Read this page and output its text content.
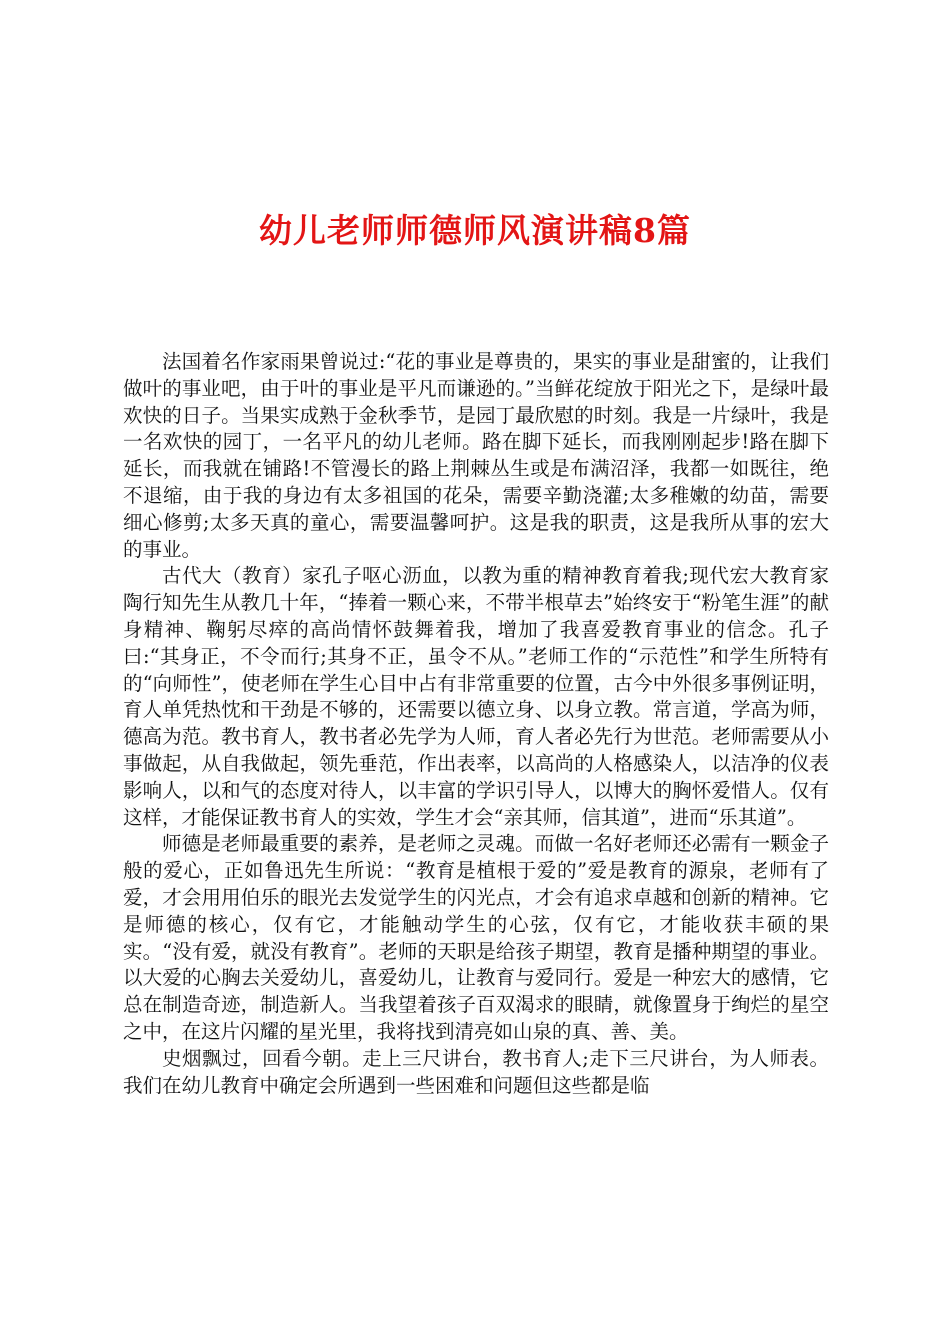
幼儿老师师德师风演讲稿8篇

法国着名作家雨果曾说过:“花的事业是尊贵的，果实的事业是甜蜜的，让我们做叶的事业吧，由于叶的事业是平凡而谦逊的。”当鲜花绽放于阳光之下，是绿叶最欢快的日子。当果实成熟于金秋季节，是园丁最欣慰的时刻。我是一片绿叶，我是一名欢快的园丁，一名平凡的幼儿老师。路在脚下延长，而我刚刚起步!路在脚下延长，而我就在铺路!不管漫长的路上荆棘丛生或是布满沼泽，我都一如既往，绝不退缩，由于我的身边有太多祖国的花朵，需要辛勤浇灌;太多稚嫩的幼苗，需要细心修剪;太多天真的童心，需要温馨呵护。这是我的职责，这是我所从事的宏大的事业。

古代大（教育）家孔子呕心沥血，以教为重的精神教育着我;现代宏大教育家陶行知先生从教几十年，“捧着一颗心来，不带半根草去”始终安于“粉笔生涯”的献身精神、鞠躬尽瘁的高尚情怀鼓舞着我，增加了我喜爱教育事业的信念。孔子曰:“其身正，不令而行;其身不正，虽令不从。”老师工作的“示范性”和学生所特有的“向师性”，使老师在学生心目中占有非常重要的位置，古今中外很多事例证明，育人单凭热忱和干劲是不够的，还需要以德立身、以身立教。常言道，学高为师，德高为范。教书育人，教书者必先学为人师，育人者必先行为世范。老师需要从小事做起，从自我做起，领先垂范，作出表率，以高尚的人格感染人，以洁净的仪表影响人，以和气的态度对待人，以丰富的学识引导人，以博大的胸怀爱惜人。仅有这样，才能保证教书育人的实效，学生才会“亲其师，信其道”，进而“乐其道”。

师德是老师最重要的素养，是老师之灵魂。而做一名好老师还必需有一颗金子般的爱心，正如鲁迅先生所说：“教育是植根于爱的”爱是教育的源泉，老师有了爱，才会用用伯乐的眼光去发觉学生的闪光点，才会有追求卓越和创新的精神。它是师德的核心，仅有它，才能触动学生的心弦，仅有它，才能收获丰硕的果实。“没有爱，就没有教育”。老师的天职是给孩子期望，教育是播种期望的事业。以大爱的心胸去关爱幼儿，喜爱幼儿，让教育与爱同行。爱是一种宏大的感情，它总在制造奇迹，制造新人。当我望着孩子百双渴求的眼睛，就像置身于绚烂的星空之中，在这片闪耀的星光里，我将找到清亮如山泉的真、善、美。

史烟飘过，回看今朝。走上三尺讲台，教书育人;走下三尺讲台，为人师表。我们在幼儿教育中确定会所遇到一些困难和问题但这些都是临
